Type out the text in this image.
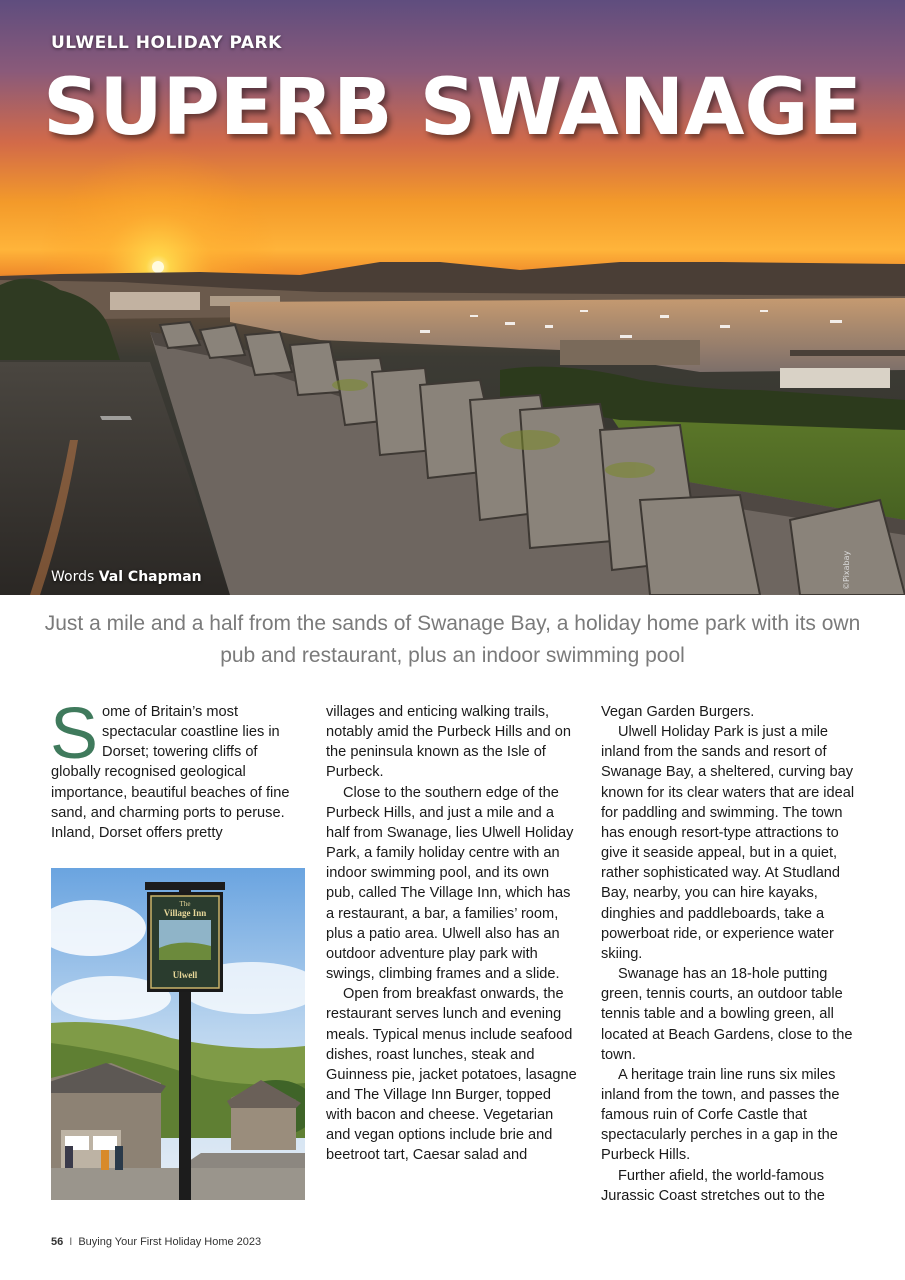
ULWELL HOLIDAY PARK
SUPERB SWANAGE
Words Val Chapman	©Pixabay
Just a mile and a half from the sands of Swanage Bay, a holiday home park with its own pub and restaurant, plus an indoor swimming pool

Some of Britain’s most spectacular coastline lies in Dorset; towering cliffs of globally recognised geological importance, beautiful beaches of fine sand, and charming ports to peruse. Inland, Dorset offers pretty

The
Village Inn
Ulwell

villages and enticing walking trails, notably amid the Purbeck Hills and on the peninsula known as the Isle of Purbeck.

Close to the southern edge of the Purbeck Hills, and just a mile and a half from Swanage, lies Ulwell Holiday Park, a family holiday centre with an indoor swimming pool, and its own pub, called The Village Inn, which has a restaurant, a bar, a families’ room, plus a patio area. Ulwell also has an outdoor adventure play park with swings, climbing frames and a slide.

Open from breakfast onwards, the restaurant serves lunch and evening meals. Typical menus include seafood dishes, roast lunches, steak and Guinness pie, jacket potatoes, lasagne and The Village Inn Burger, topped with bacon and cheese. Vegetarian and vegan options include brie and beetroot tart, Caesar salad and

Vegan Garden Burgers.

Ulwell Holiday Park is just a mile inland from the sands and resort of Swanage Bay, a sheltered, curving bay known for its clear waters that are ideal for paddling and swimming. The town has enough resort-type attractions to give it seaside appeal, but in a quiet, rather sophisticated way. At Studland Bay, nearby, you can hire kayaks, dinghies and paddleboards, take a powerboat ride, or experience water skiing.

Swanage has an 18-hole putting green, tennis courts, an outdoor table tennis table and a bowling green, all located at Beach Gardens, close to the town.

A heritage train line runs six miles inland from the town, and passes the famous ruin of Corfe Castle that spectacularly perches in a gap in the Purbeck Hills.

Further afield, the world-famous Jurassic Coast stretches out to the

56 I Buying Your First Holiday Home 2023
